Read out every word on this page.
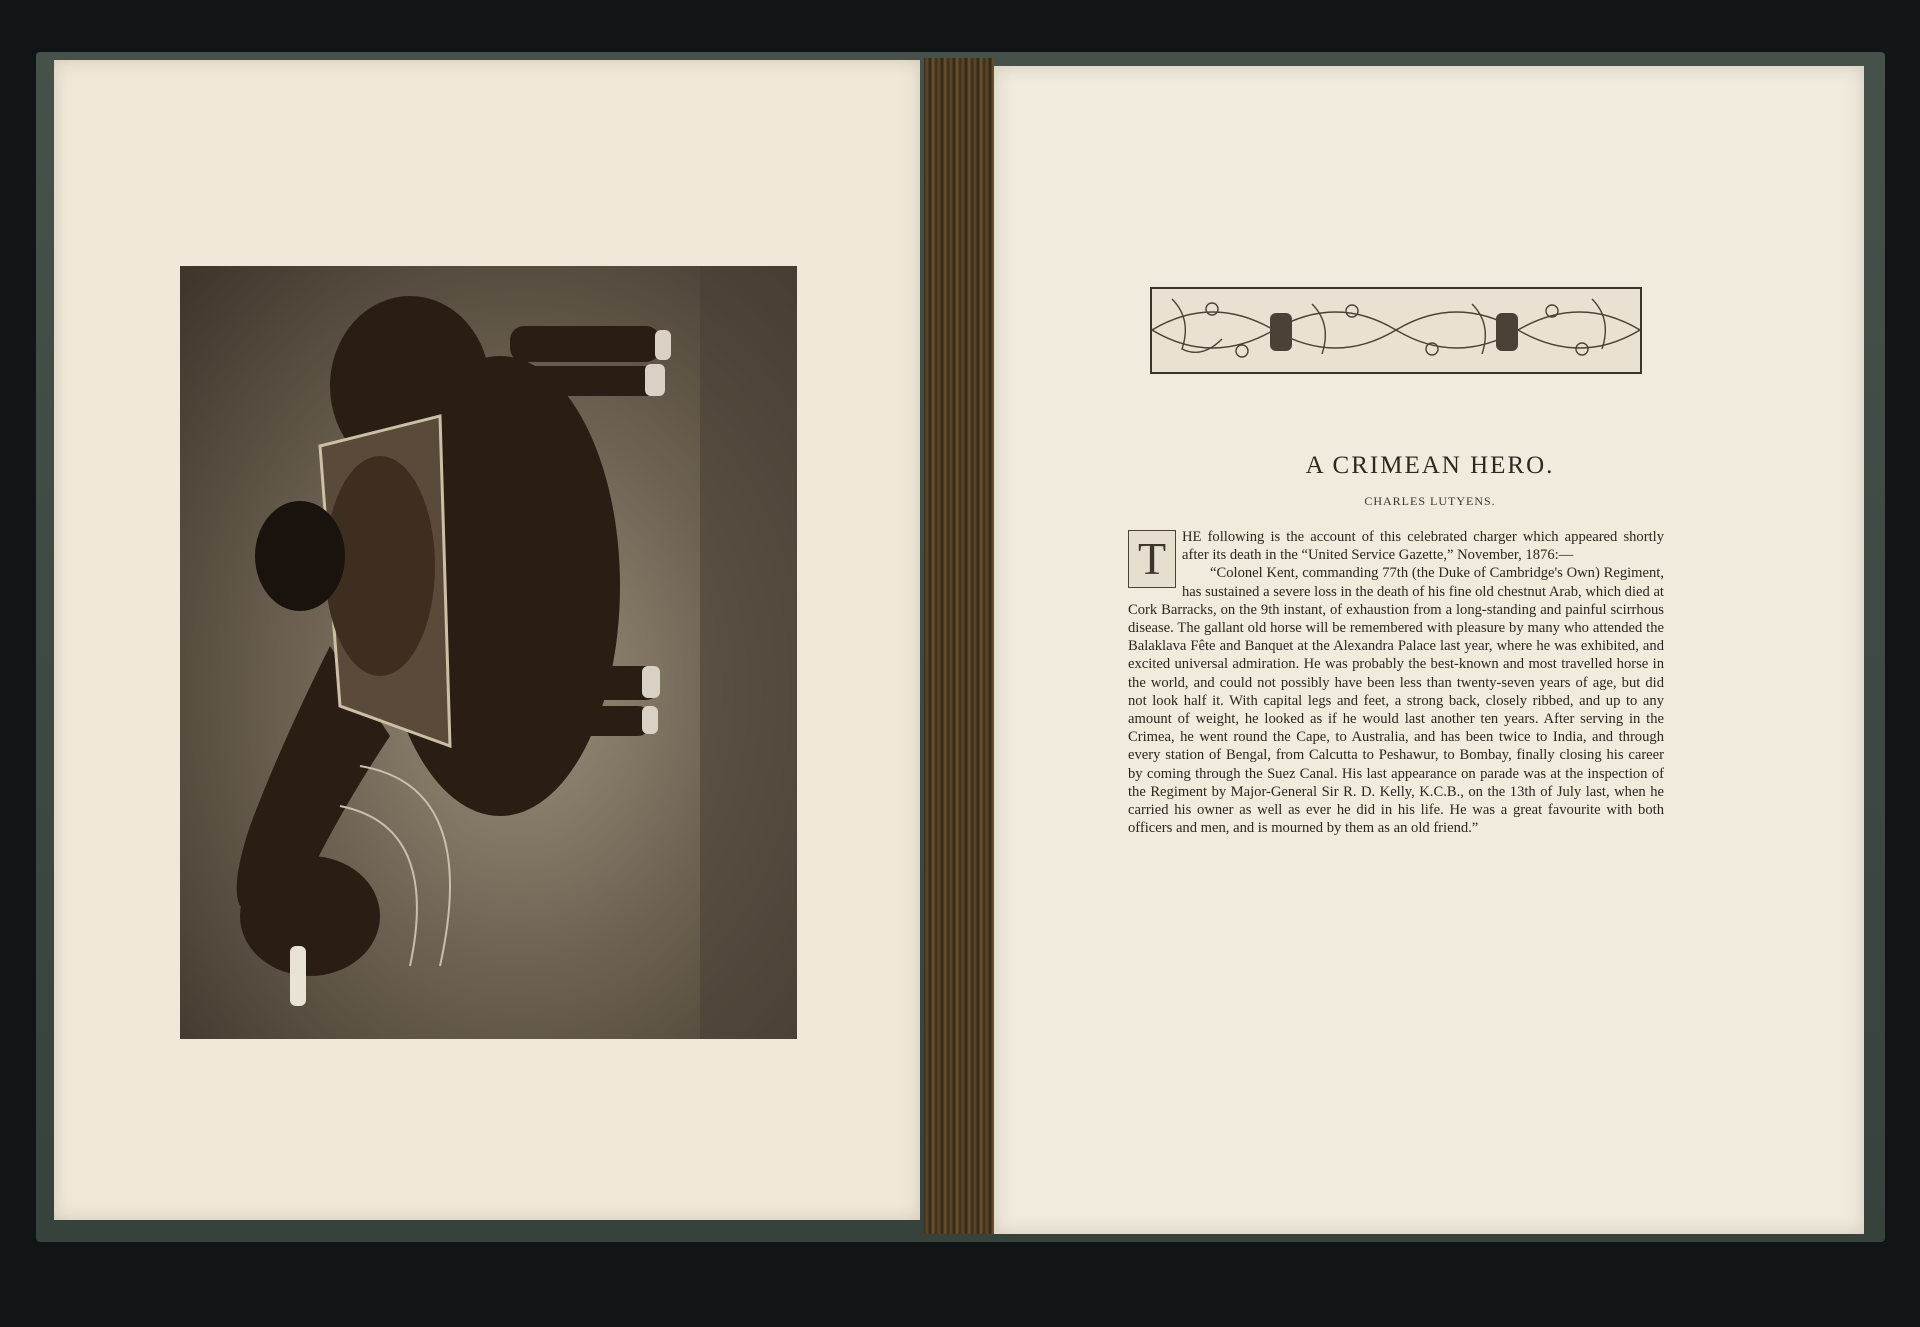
A CRIMEAN HERO.
CHARLES LUTYENS.
T	HE following is the account of this celebrated charger which appeared shortly after its death in the “United Service Gazette,” November, 1876:—

“Colonel Kent, commanding 77th (the Duke of Cambridge's Own) Regiment, has sustained a severe loss in the death of his fine old chestnut Arab, which died at Cork Barracks, on the 9th instant, of exhaustion from a long-standing and painful scirrhous disease. The gallant old horse will be remembered with pleasure by many who attended the Balaklava Fête and Banquet at the Alexandra Palace last year, where he was exhibited, and excited universal admiration. He was probably the best-known and most travelled horse in the world, and could not possibly have been less than twenty-seven years of age, but did not look half it. With capital legs and feet, a strong back, closely ribbed, and up to any amount of weight, he looked as if he would last another ten years. After serving in the Crimea, he went round the Cape, to Australia, and has been twice to India, and through every station of Bengal, from Calcutta to Peshawur, to Bombay, finally closing his career by coming through the Suez Canal. His last appearance on parade was at the inspection of the Regiment by Major-General Sir R. D. Kelly, K.C.B., on the 13th of July last, when he carried his owner as well as ever he did in his life. He was a great favourite with both officers and men, and is mourned by them as an old friend.”
